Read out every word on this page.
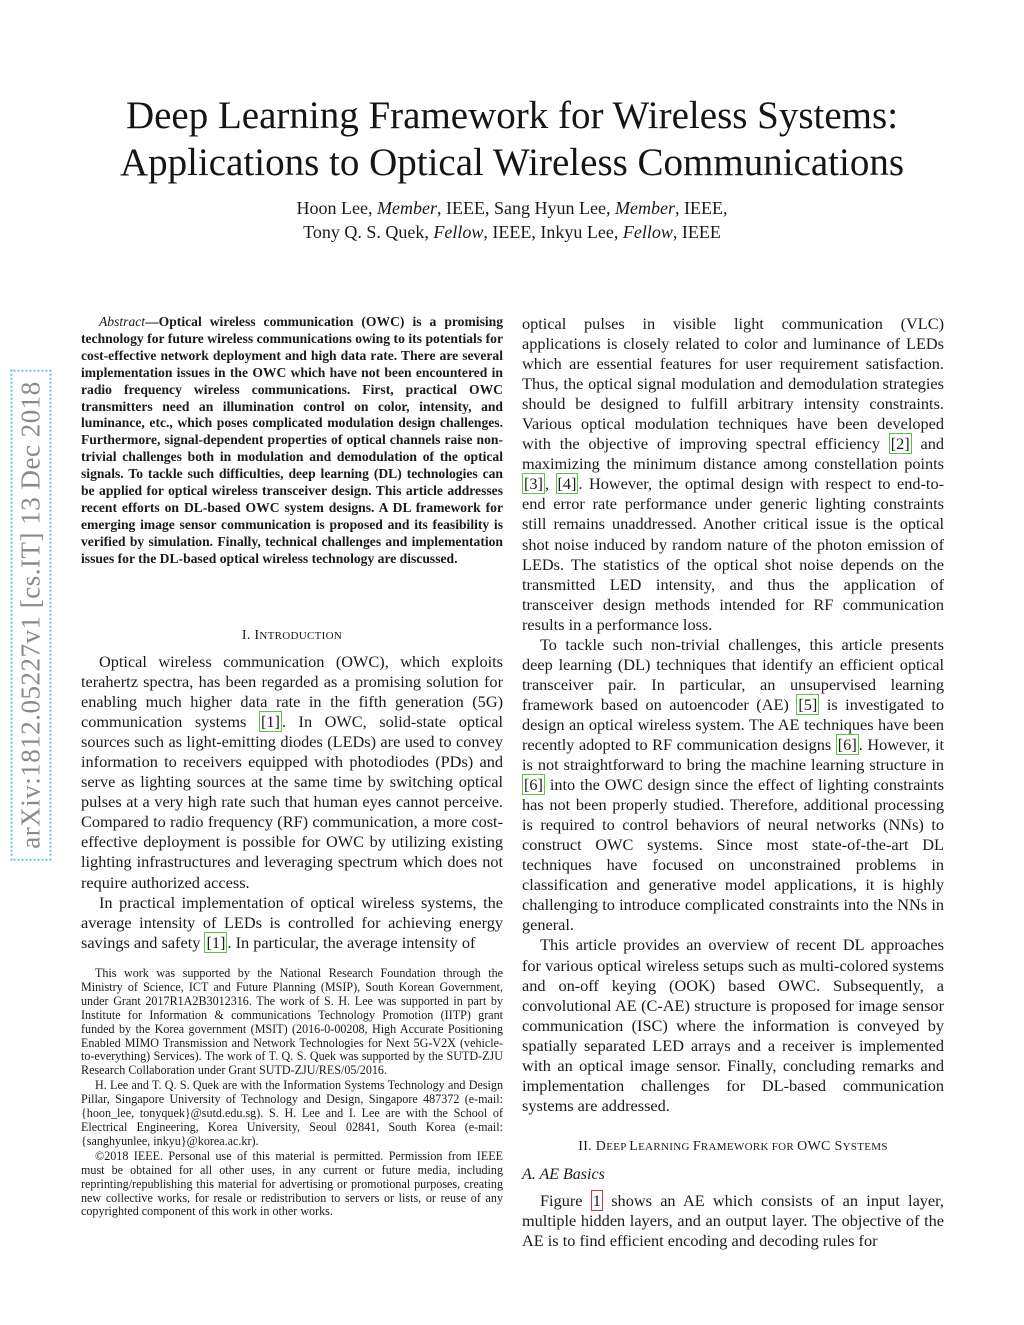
arXiv:1812.05227v1 [cs.IT] 13 Dec 2018
Deep Learning Framework for Wireless Systems:
Applications to Optical Wireless Communications
Hoon Lee, Member, IEEE, Sang Hyun Lee, Member, IEEE,
Tony Q. S. Quek, Fellow, IEEE, Inkyu Lee, Fellow, IEEE
Abstract—Optical wireless communication (OWC) is a promising technology for future wireless communications owing to its potentials for cost-effective network deployment and high data rate. There are several implementation issues in the OWC which have not been encountered in radio frequency wireless communications. First, practical OWC transmitters need an illumination control on color, intensity, and luminance, etc., which poses complicated modulation design challenges. Furthermore, signal-dependent properties of optical channels raise non-trivial challenges both in modulation and demodulation of the optical signals. To tackle such difficulties, deep learning (DL) technologies can be applied for optical wireless transceiver design. This article addresses recent efforts on DL-based OWC system designs. A DL framework for emerging image sensor communication is proposed and its feasibility is verified by simulation. Finally, technical challenges and implementation issues for the DL-based optical wireless technology are discussed.
I. INTRODUCTION

Optical wireless communication (OWC), which exploits terahertz spectra, has been regarded as a promising solution for enabling much higher data rate in the fifth generation (5G) communication systems [1] . In OWC, solid-state optical sources such as light-emitting diodes (LEDs) are used to convey information to receivers equipped with photodiodes (PDs) and serve as lighting sources at the same time by switching optical pulses at a very high rate such that human eyes cannot perceive. Compared to radio frequency (RF) communication, a more cost-effective deployment is possible for OWC by utilizing existing lighting infrastructures and leveraging spectrum which does not require authorized access.

In practical implementation of optical wireless systems, the average intensity of LEDs is controlled for achieving energy savings and safety [1] . In particular, the average intensity of

This work was supported by the National Research Foundation through the Ministry of Science, ICT and Future Planning (MSIP), South Korean Government, under Grant 2017R1A2B3012316. The work of S. H. Lee was supported in part by Institute for Information & communications Technology Promotion (IITP) grant funded by the Korea government (MSIT) (2016-0-00208, High Accurate Positioning Enabled MIMO Transmission and Network Technologies for Next 5G-V2X (vehicle-to-everything) Services). The work of T. Q. S. Quek was supported by the SUTD-ZJU Research Collaboration under Grant SUTD-ZJU/RES/05/2016.

H. Lee and T. Q. S. Quek are with the Information Systems Technology and Design Pillar, Singapore University of Technology and Design, Singapore 487372 (e-mail: {hoon_lee, tonyquek}@sutd.edu.sg). S. H. Lee and I. Lee are with the School of Electrical Engineering, Korea University, Seoul 02841, South Korea (e-mail: {sanghyunlee, inkyu}@korea.ac.kr).

©2018 IEEE. Personal use of this material is permitted. Permission from IEEE must be obtained for all other uses, in any current or future media, including reprinting/republishing this material for advertising or promotional purposes, creating new collective works, for resale or redistribution to servers or lists, or reuse of any copyrighted component of this work in other works.

optical pulses in visible light communication (VLC) applications is closely related to color and luminance of LEDs which are essential features for user requirement satisfaction. Thus, the optical signal modulation and demodulation strategies should be designed to fulfill arbitrary intensity constraints. Various optical modulation techniques have been developed with the objective of improving spectral efficiency [2] and maximizing the minimum distance among constellation points [3] , [4] . However, the optimal design with respect to end-to-end error rate performance under generic lighting constraints still remains unaddressed. Another critical issue is the optical shot noise induced by random nature of the photon emission of LEDs. The statistics of the optical shot noise depends on the transmitted LED intensity, and thus the application of transceiver design methods intended for RF communication results in a performance loss.

To tackle such non-trivial challenges, this article presents deep learning (DL) techniques that identify an efficient optical transceiver pair. In particular, an unsupervised learning framework based on autoencoder (AE) [5] is investigated to design an optical wireless system. The AE techniques have been recently adopted to RF communication designs [6] . However, it is not straightforward to bring the machine learning structure in [6] into the OWC design since the effect of lighting constraints has not been properly studied. Therefore, additional processing is required to control behaviors of neural networks (NNs) to construct OWC systems. Since most state-of-the-art DL techniques have focused on unconstrained problems in classification and generative model applications, it is highly challenging to introduce complicated constraints into the NNs in general.

This article provides an overview of recent DL approaches for various optical wireless setups such as multi-colored systems and on-off keying (OOK) based OWC. Subsequently, a convolutional AE (C-AE) structure is proposed for image sensor communication (ISC) where the information is conveyed by spatially separated LED arrays and a receiver is implemented with an optical image sensor. Finally, concluding remarks and implementation challenges for DL-based communication systems are addressed.

II. DEEP LEARNING FRAMEWORK FOR OWC SYSTEMS
A. AE Basics

Figure 1 shows an AE which consists of an input layer, multiple hidden layers, and an output layer. The objective of the AE is to find efficient encoding and decoding rules for
